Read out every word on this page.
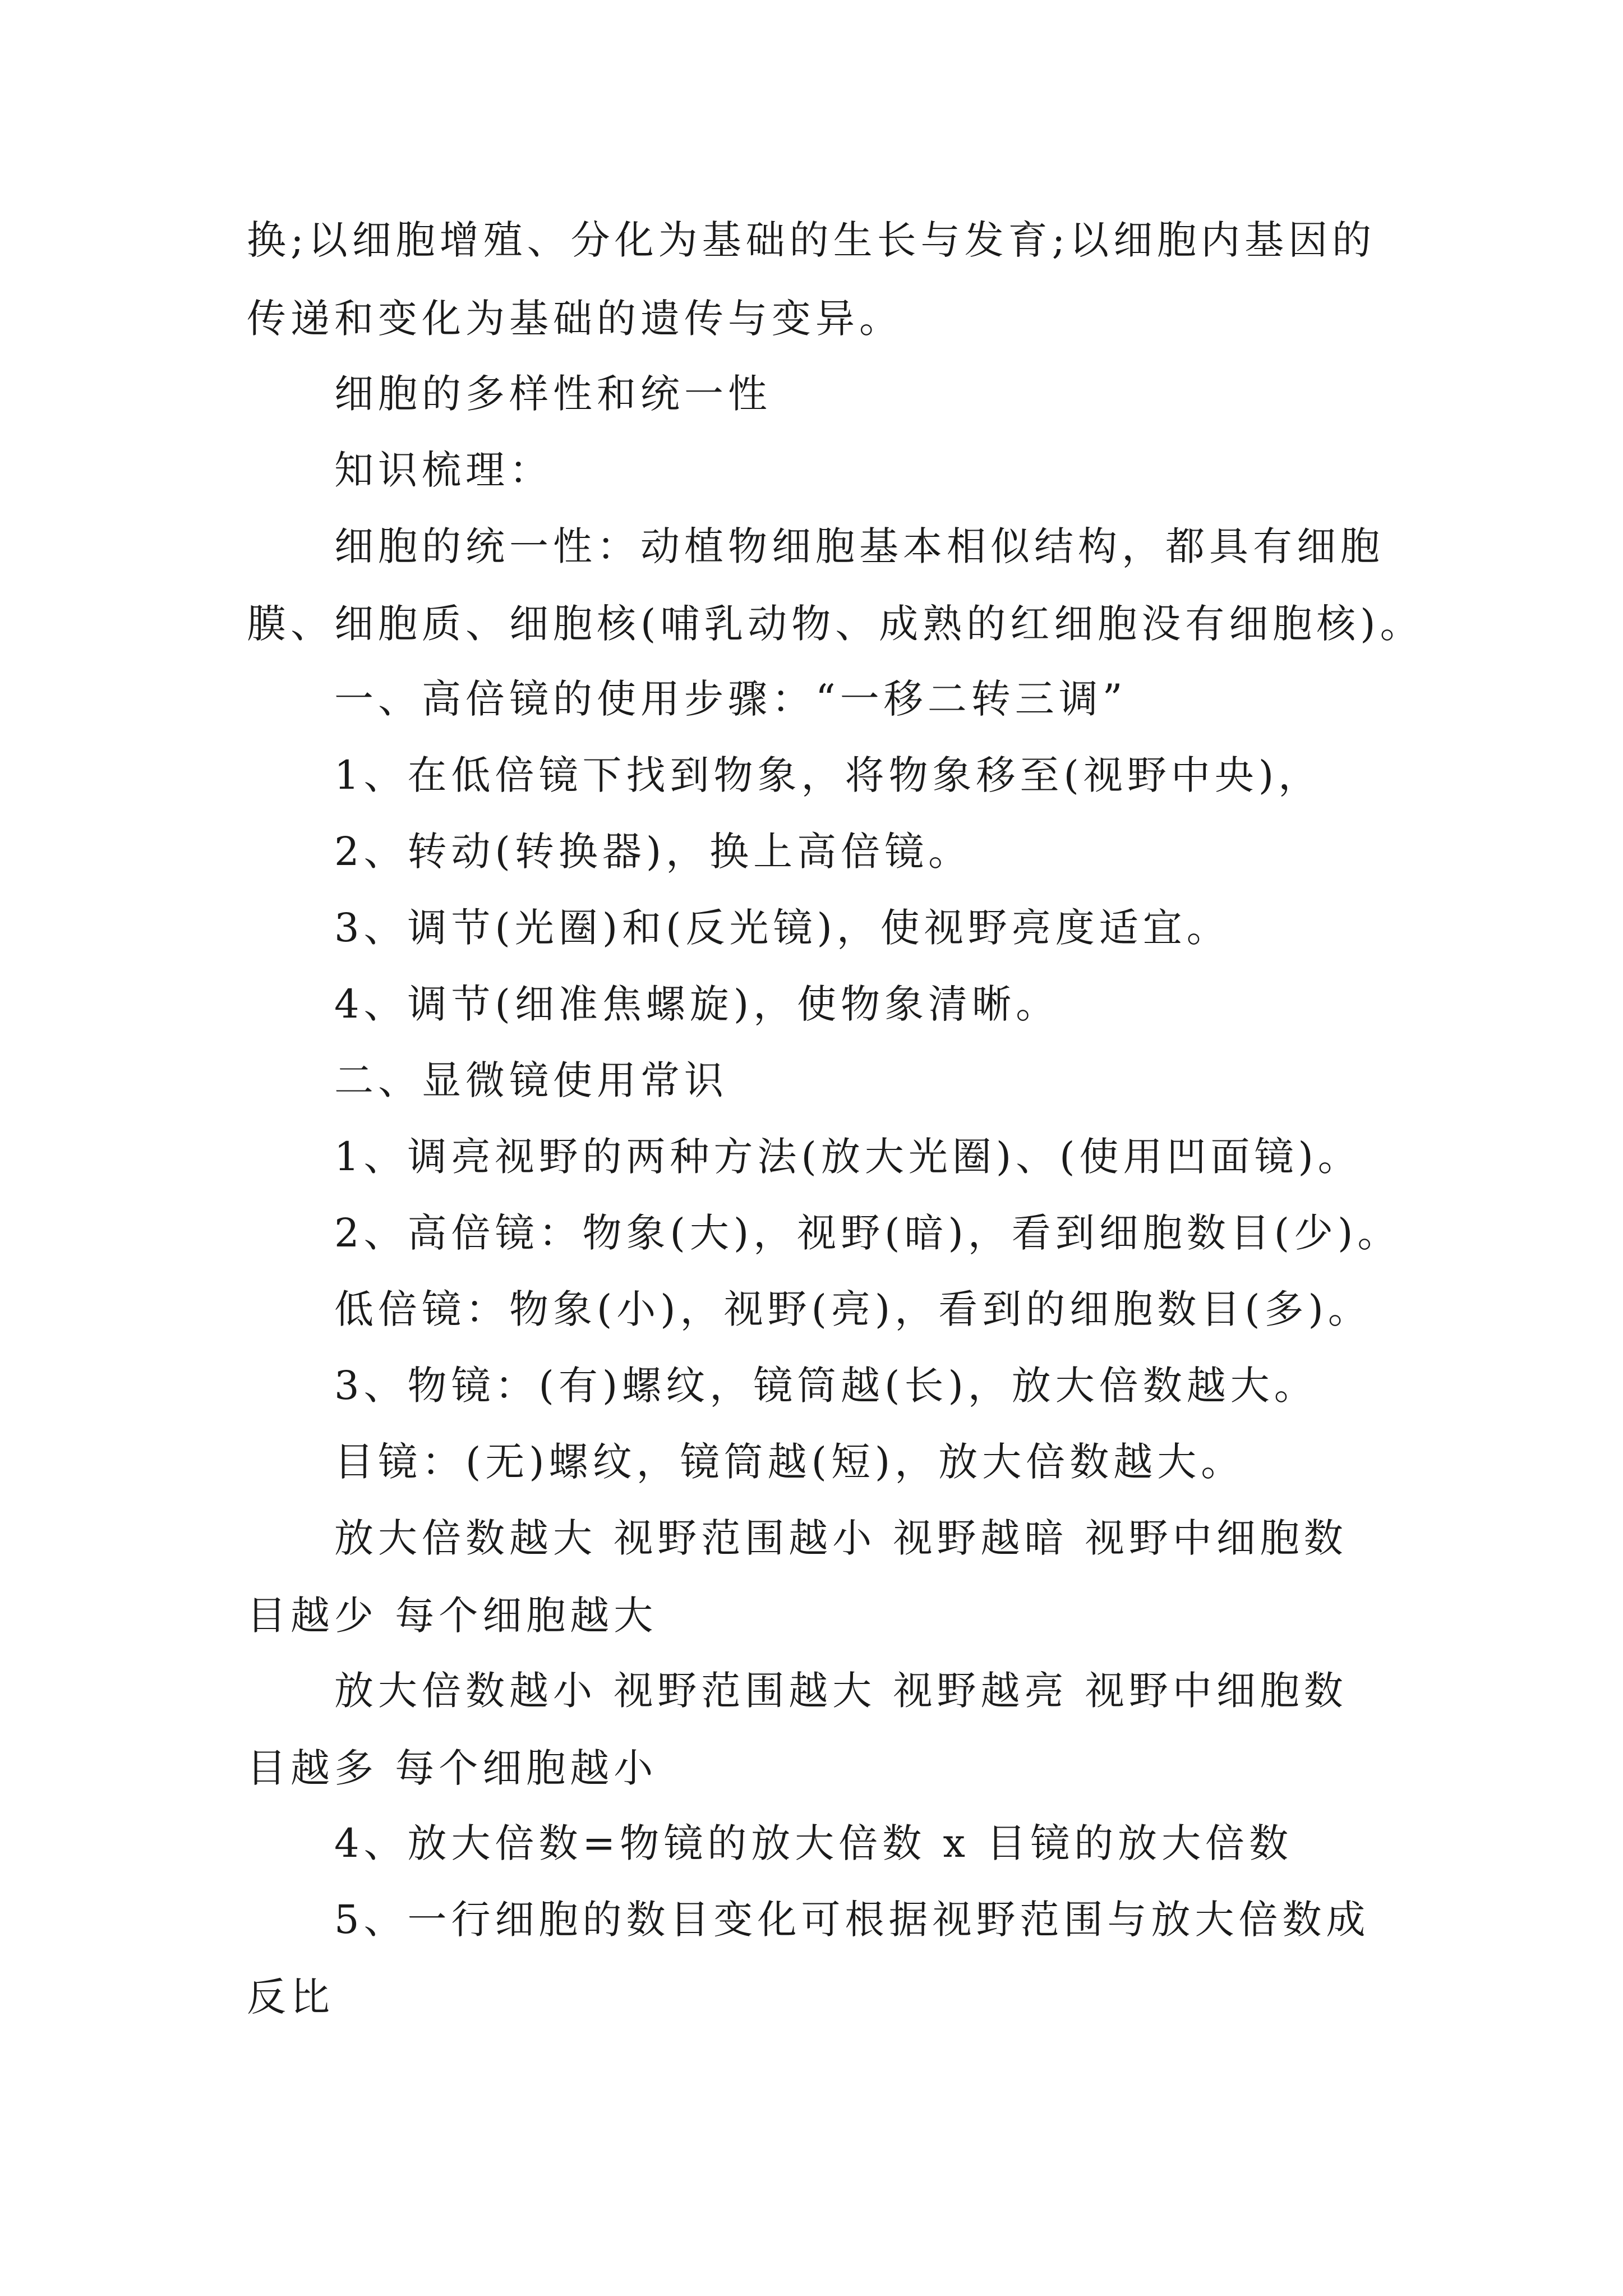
换;以细胞增殖、分化为基础的生长与发育;以细胞内基因的
传递和变化为基础的遗传与变异。
细胞的多样性和统一性
知识梳理：
细胞的统一性：动植物细胞基本相似结构，都具有细胞
膜、细胞质、细胞核(哺乳动物、成熟的红细胞没有细胞核)。
一、高倍镜的使用步骤：“一移二转三调”
1、在低倍镜下找到物象，将物象移至(视野中央)，
2、转动(转换器)，换上高倍镜。
3、调节(光圈)和(反光镜)，使视野亮度适宜。
4、调节(细准焦螺旋)，使物象清晰。
二、显微镜使用常识
1、调亮视野的两种方法(放大光圈)、(使用凹面镜)。
2、高倍镜：物象(大)，视野(暗)，看到细胞数目(少)。
低倍镜：物象(小)，视野(亮)，看到的细胞数目(多)。
3、物镜：(有)螺纹，镜筒越(长)，放大倍数越大。
目镜：(无)螺纹，镜筒越(短)，放大倍数越大。
放大倍数越大 视野范围越小 视野越暗 视野中细胞数
目越少 每个细胞越大
放大倍数越小 视野范围越大 视野越亮 视野中细胞数
目越多 每个细胞越小
4、放大倍数=物镜的放大倍数 x 目镜的放大倍数
5、一行细胞的数目变化可根据视野范围与放大倍数成
反比
